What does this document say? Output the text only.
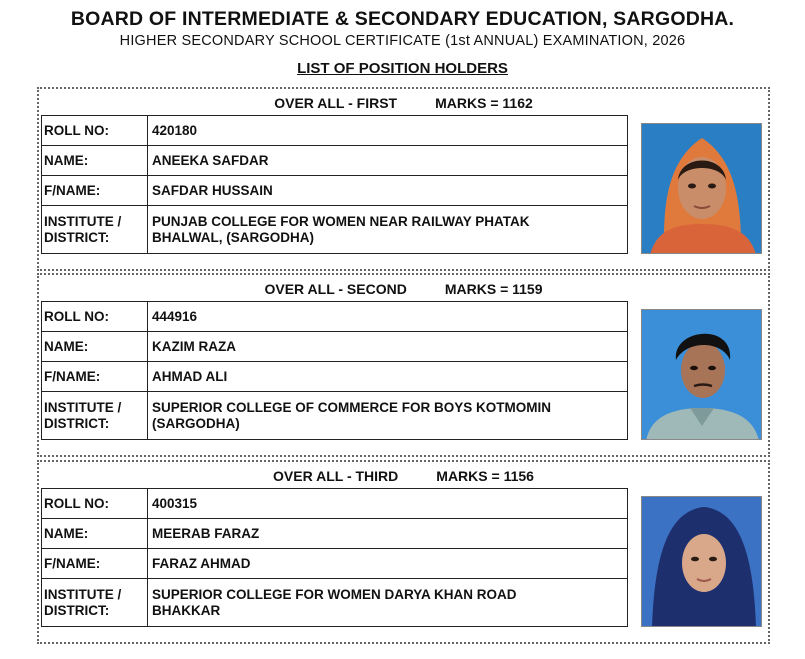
BOARD OF INTERMEDIATE & SECONDARY EDUCATION, SARGODHA.
HIGHER SECONDARY SCHOOL CERTIFICATE (1st ANNUAL) EXAMINATION, 2026
LIST OF POSITION HOLDERS
OVER ALL - FIRST	MARKS = 1162
ROLL NO:	420180
NAME:	ANEEKA SAFDAR
F/NAME:	SAFDAR HUSSAIN
INSTITUTE /
DISTRICT:	PUNJAB COLLEGE FOR WOMEN NEAR RAILWAY PHATAK
BHALWAL, (SARGODHA)
OVER ALL - SECOND	MARKS = 1159
ROLL NO:	444916
NAME:	KAZIM RAZA
F/NAME:	AHMAD ALI
INSTITUTE /
DISTRICT:	SUPERIOR COLLEGE OF COMMERCE FOR BOYS KOTMOMIN
(SARGODHA)
OVER ALL - THIRD	MARKS = 1156
ROLL NO:	400315
NAME:	MEERAB FARAZ
F/NAME:	FARAZ AHMAD
INSTITUTE /
DISTRICT:	SUPERIOR COLLEGE FOR WOMEN DARYA KHAN ROAD
BHAKKAR
